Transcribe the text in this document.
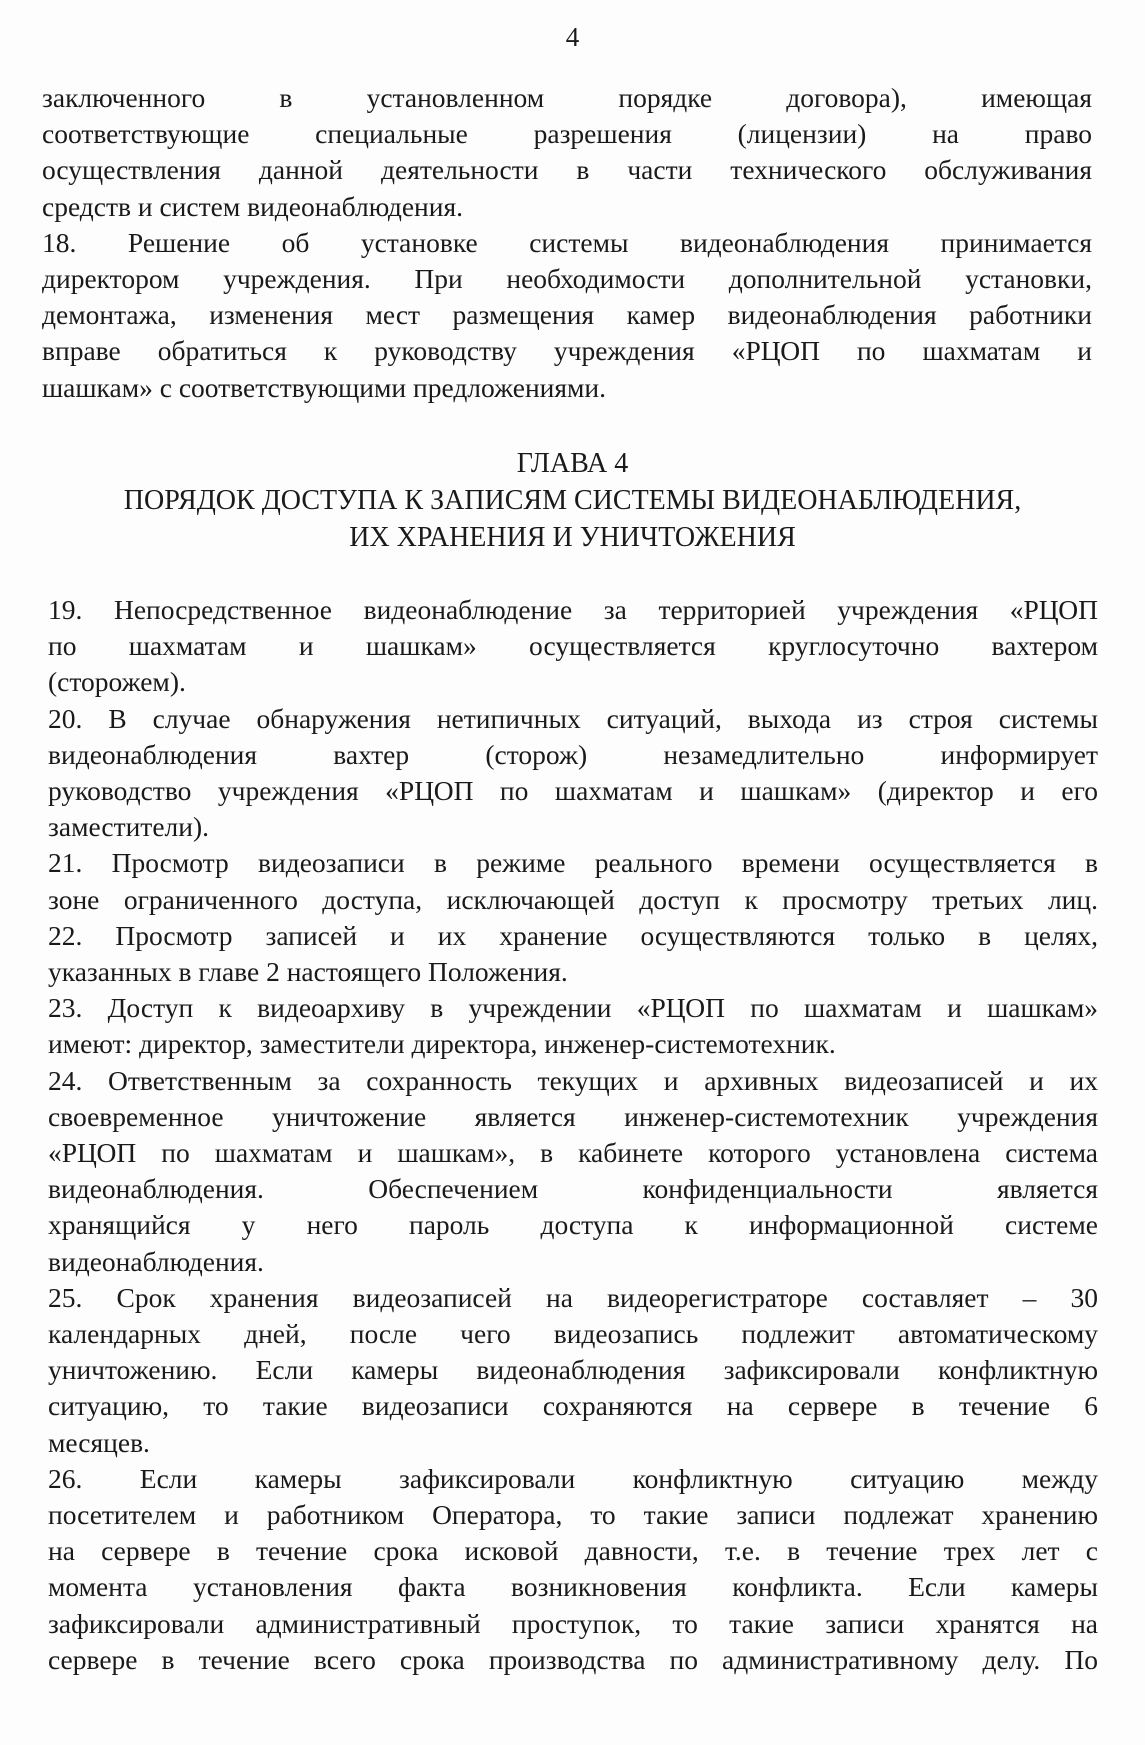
4
заключенного в установленном порядке договора), имеющая
соответствующие специальные разрешения (лицензии) на право
осуществления данной деятельности в части технического обслуживания
средств и систем видеонаблюдения.
18. Решение об установке системы видеонаблюдения принимается
директором учреждения. При необходимости дополнительной установки,
демонтажа, изменения мест размещения камер видеонаблюдения работники
вправе обратиться к руководству учреждения «РЦОП по шахматам и
шашкам» с соответствующими предложениями.
ГЛАВА 4
ПОРЯДОК ДОСТУПА К ЗАПИСЯМ СИСТЕМЫ ВИДЕОНАБЛЮДЕНИЯ,
ИХ ХРАНЕНИЯ И УНИЧТОЖЕНИЯ
19. Непосредственное видеонаблюдение за территорией учреждения «РЦОП
по шахматам и шашкам» осуществляется круглосуточно вахтером
(сторожем).
20. В случае обнаружения нетипичных ситуаций, выхода из строя системы
видеонаблюдения вахтер (сторож) незамедлительно информирует
руководство учреждения «РЦОП по шахматам и шашкам» (директор и его
заместители).
21. Просмотр видеозаписи в режиме реального времени осуществляется в
зоне ограниченного доступа, исключающей доступ к просмотру третьих лиц.
22. Просмотр записей и их хранение осуществляются только в целях,
указанных в главе 2 настоящего Положения.
23. Доступ к видеоархиву в учреждении «РЦОП по шахматам и шашкам»
имеют: директор, заместители директора, инженер-системотехник.
24. Ответственным за сохранность текущих и архивных видеозаписей и их
своевременное уничтожение является инженер-системотехник учреждения
«РЦОП по шахматам и шашкам», в кабинете которого установлена система
видеонаблюдения. Обеспечением конфиденциальности является
хранящийся у него пароль доступа к информационной системе
видеонаблюдения.
25. Срок хранения видеозаписей на видеорегистраторе составляет – 30
календарных дней, после чего видеозапись подлежит автоматическому
уничтожению. Если камеры видеонаблюдения зафиксировали конфликтную
ситуацию, то такие видеозаписи сохраняются на сервере в течение 6
месяцев.
26. Если камеры зафиксировали конфликтную ситуацию между
посетителем и работником Оператора, то такие записи подлежат хранению
на сервере в течение срока исковой давности, т.е. в течение трех лет с
момента установления факта возникновения конфликта. Если камеры
зафиксировали административный проступок, то такие записи хранятся на
сервере в течение всего срока производства по административному делу. По
